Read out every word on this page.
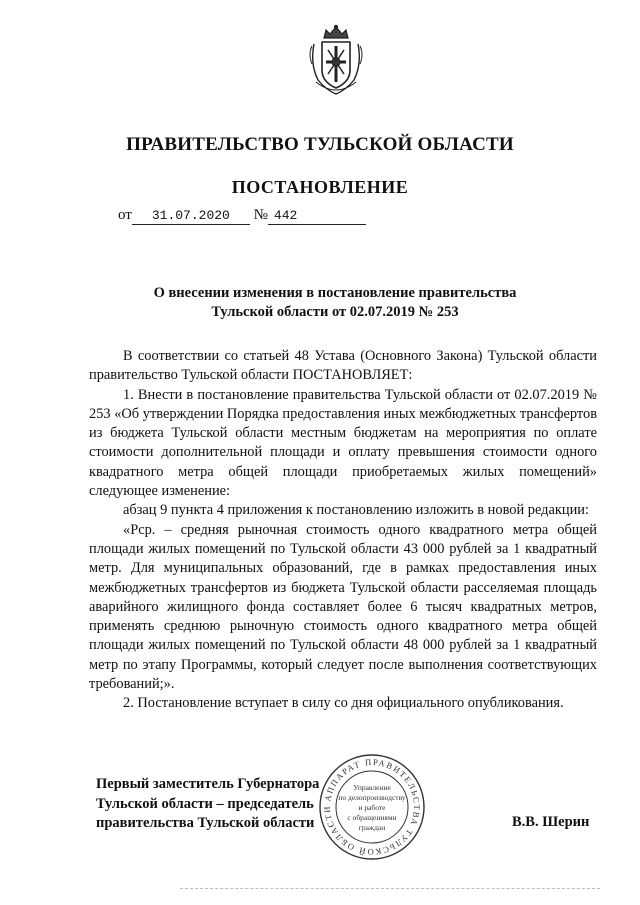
ПРАВИТЕЛЬСТВО ТУЛЬСКОЙ ОБЛАСТИ
ПОСТАНОВЛЕНИЕ
от 31.07.2020 № 442
О внесении изменения в постановление правительства
Тульской области от 02.07.2019 № 253

В соответствии со статьей 48 Устава (Основного Закона) Тульской области правительство Тульской области ПОСТАНОВЛЯЕТ:

1. Внести в постановление правительства Тульской области от 02.07.2019 № 253 «Об утверждении Порядка предоставления иных межбюджетных трансфертов из бюджета Тульской области местным бюджетам на мероприятия по оплате стоимости дополнительной площади и оплату превышения стоимости одного квадратного метра общей площади приобретаемых жилых помещений» следующее изменение:

абзац 9 пункта 4 приложения к постановлению изложить в новой редакции:

«Рср. – средняя рыночная стоимость одного квадратного метра общей площади жилых помещений по Тульской области 43 000 рублей за 1 квадратный метр. Для муниципальных образований, где в рамках предоставления иных межбюджетных трансфертов из бюджета Тульской области расселяемая площадь аварийного жилищного фонда составляет более 6 тысяч квадратных метров, применять среднюю рыночную стоимость одного квадратного метра общей площади жилых помещений по Тульской области 48 000 рублей за 1 квадратный метр по этапу Программы, который следует после выполнения соответствующих требований;».

2. Постановление вступает в силу со дня официального опубликования.

АППАРАТ ПРАВИТЕЛЬСТВА ТУЛЬСКОЙ ОБЛАСТИ
Управление
по делопроизводству
и работе
с обращениями
граждан
Первый заместитель Губернатора
Тульской области – председатель
правительства Тульской области	В.В. Шерин
